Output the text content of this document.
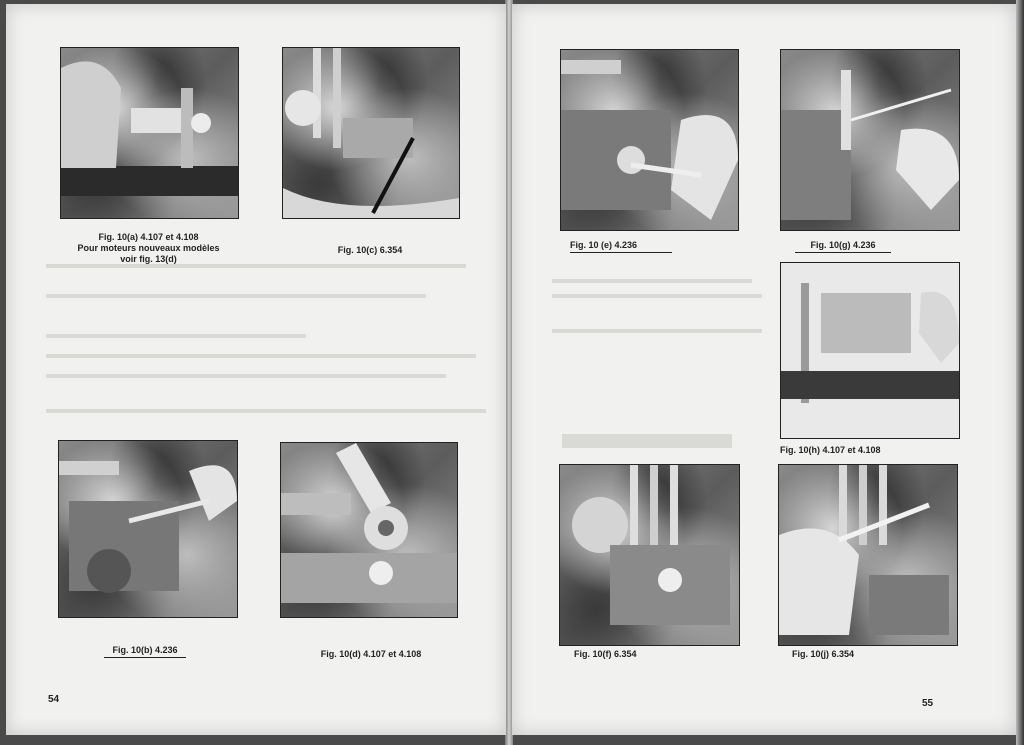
Fig. 10(a) 4.107 et 4.108
Pour moteurs nouveaux modèles
voir fig. 13(d)
Fig. 10(c) 6.354
Fig. 10(b) 4.236	Fig. 10(d) 4.107 et 4.108
54
Fig. 10 (e) 4.236	Fig. 10(g) 4.236
Fig. 10(h) 4.107 et 4.108
Fig. 10(f) 6.354	Fig. 10(j) 6.354
55
